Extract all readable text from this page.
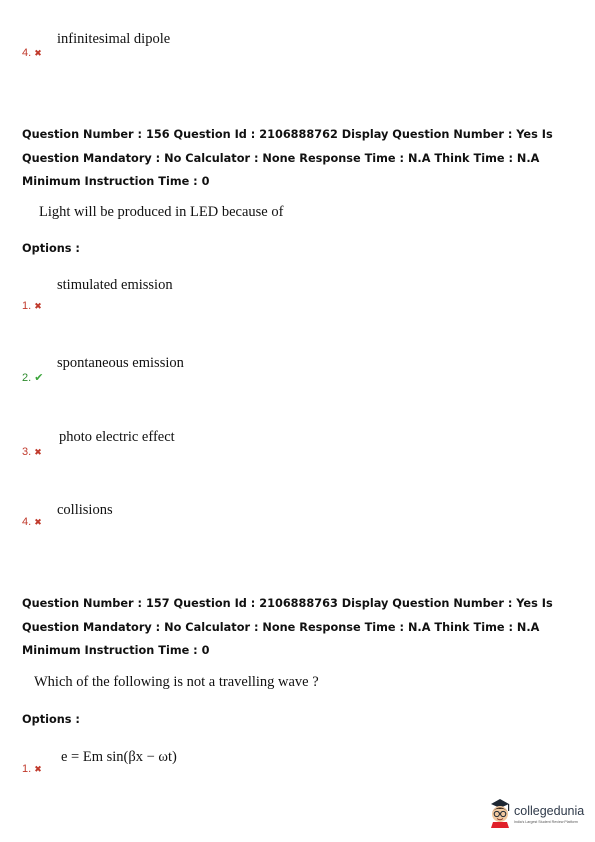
infinitesimal dipole
4. ✖
Question Number : 156 Question Id : 2106888762 Display Question Number : Yes Is Question Mandatory : No Calculator : None Response Time : N.A Think Time : N.A Minimum Instruction Time : 0
Light will be produced in LED because of
Options :
stimulated emission
1. ✖
spontaneous emission
2. ✔
photo electric effect
3. ✖
collisions
4. ✖
Question Number : 157 Question Id : 2106888763 Display Question Number : Yes Is Question Mandatory : No Calculator : None Response Time : N.A Think Time : N.A Minimum Instruction Time : 0
Which of the following is not a travelling wave ?
Options :
e = Em sin(βx − ωt)
1. ✖
collegedunia
India's Largest Student Review Platform
